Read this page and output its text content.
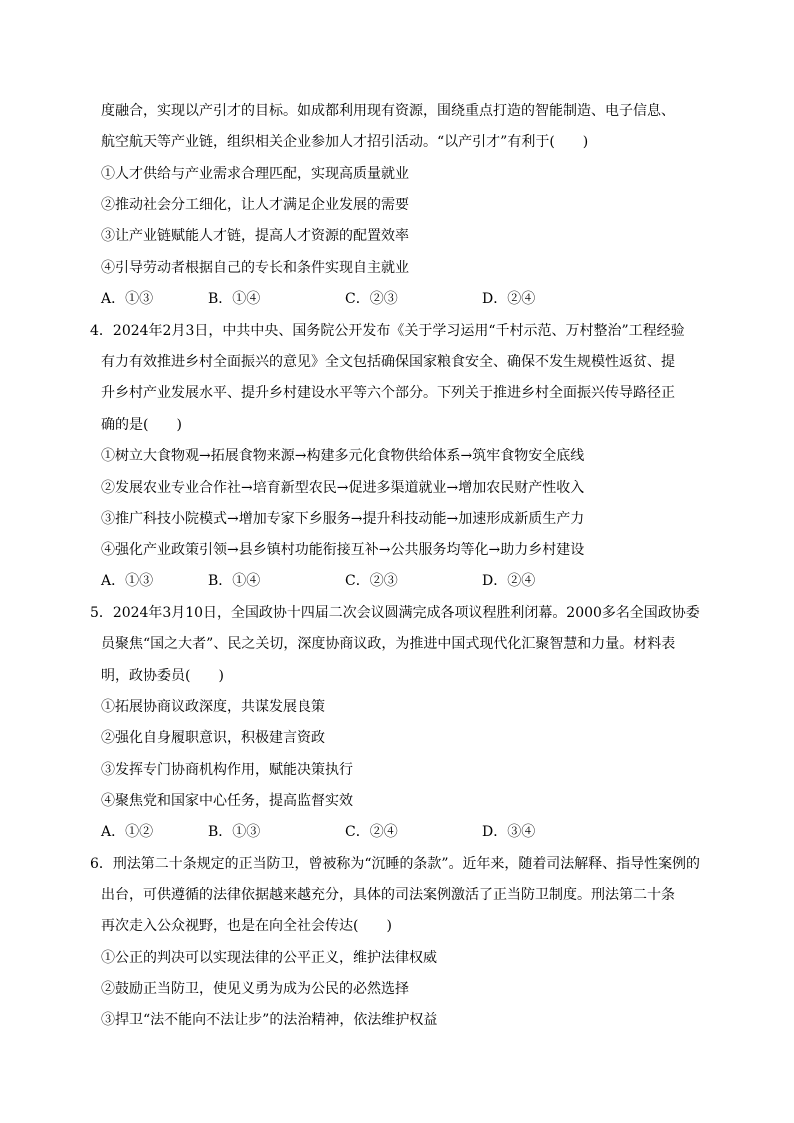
度融合，实现以产引才的目标。如成都利用现有资源，围绕重点打造的智能制造、电子信息、
航空航天等产业链，组织相关企业参加人才招引活动。“以产引才”有利于(　　)
①人才供给与产业需求合理匹配，实现高质量就业
②推动社会分工细化，让人才满足企业发展的需要
③让产业链赋能人才链，提高人才资源的配置效率
④引导劳动者根据自己的专长和条件实现自主就业
A．①③	B．①④	C．②③	D．②④
4．2024年2月3日，中共中央、国务院公开发布《关于学习运用“千村示范、万村整治”工程经验
有力有效推进乡村全面振兴的意见》全文包括确保国家粮食安全、确保不发生规模性返贫、提
升乡村产业发展水平、提升乡村建设水平等六个部分。下列关于推进乡村全面振兴传导路径正
确的是(　　)
①树立大食物观→拓展食物来源→构建多元化食物供给体系→筑牢食物安全底线
②发展农业专业合作社→培育新型农民→促进多渠道就业→增加农民财产性收入
③推广科技小院模式→增加专家下乡服务→提升科技动能→加速形成新质生产力
④强化产业政策引领→县乡镇村功能衔接互补→公共服务均等化→助力乡村建设
A．①③	B．①④	C．②③	D．②④
5．2024年3月10日，全国政协十四届二次会议圆满完成各项议程胜利闭幕。2000多名全国政协委
员聚焦“国之大者”、民之关切，深度协商议政，为推进中国式现代化汇聚智慧和力量。材料表
明，政协委员(　　)
①拓展协商议政深度，共谋发展良策
②强化自身履职意识，积极建言资政
③发挥专门协商机构作用，赋能决策执行
④聚焦党和国家中心任务，提高监督实效
A．①②	B．①③	C．②④	D．③④
6．刑法第二十条规定的正当防卫，曾被称为“沉睡的条款”。近年来，随着司法解释、指导性案例的
出台，可供遵循的法律依据越来越充分，具体的司法案例激活了正当防卫制度。刑法第二十条
再次走入公众视野，也是在向全社会传达(　　)
①公正的判决可以实现法律的公平正义，维护法律权威
②鼓励正当防卫，使见义勇为成为公民的必然选择
③捍卫“法不能向不法让步”的法治精神，依法维护权益
